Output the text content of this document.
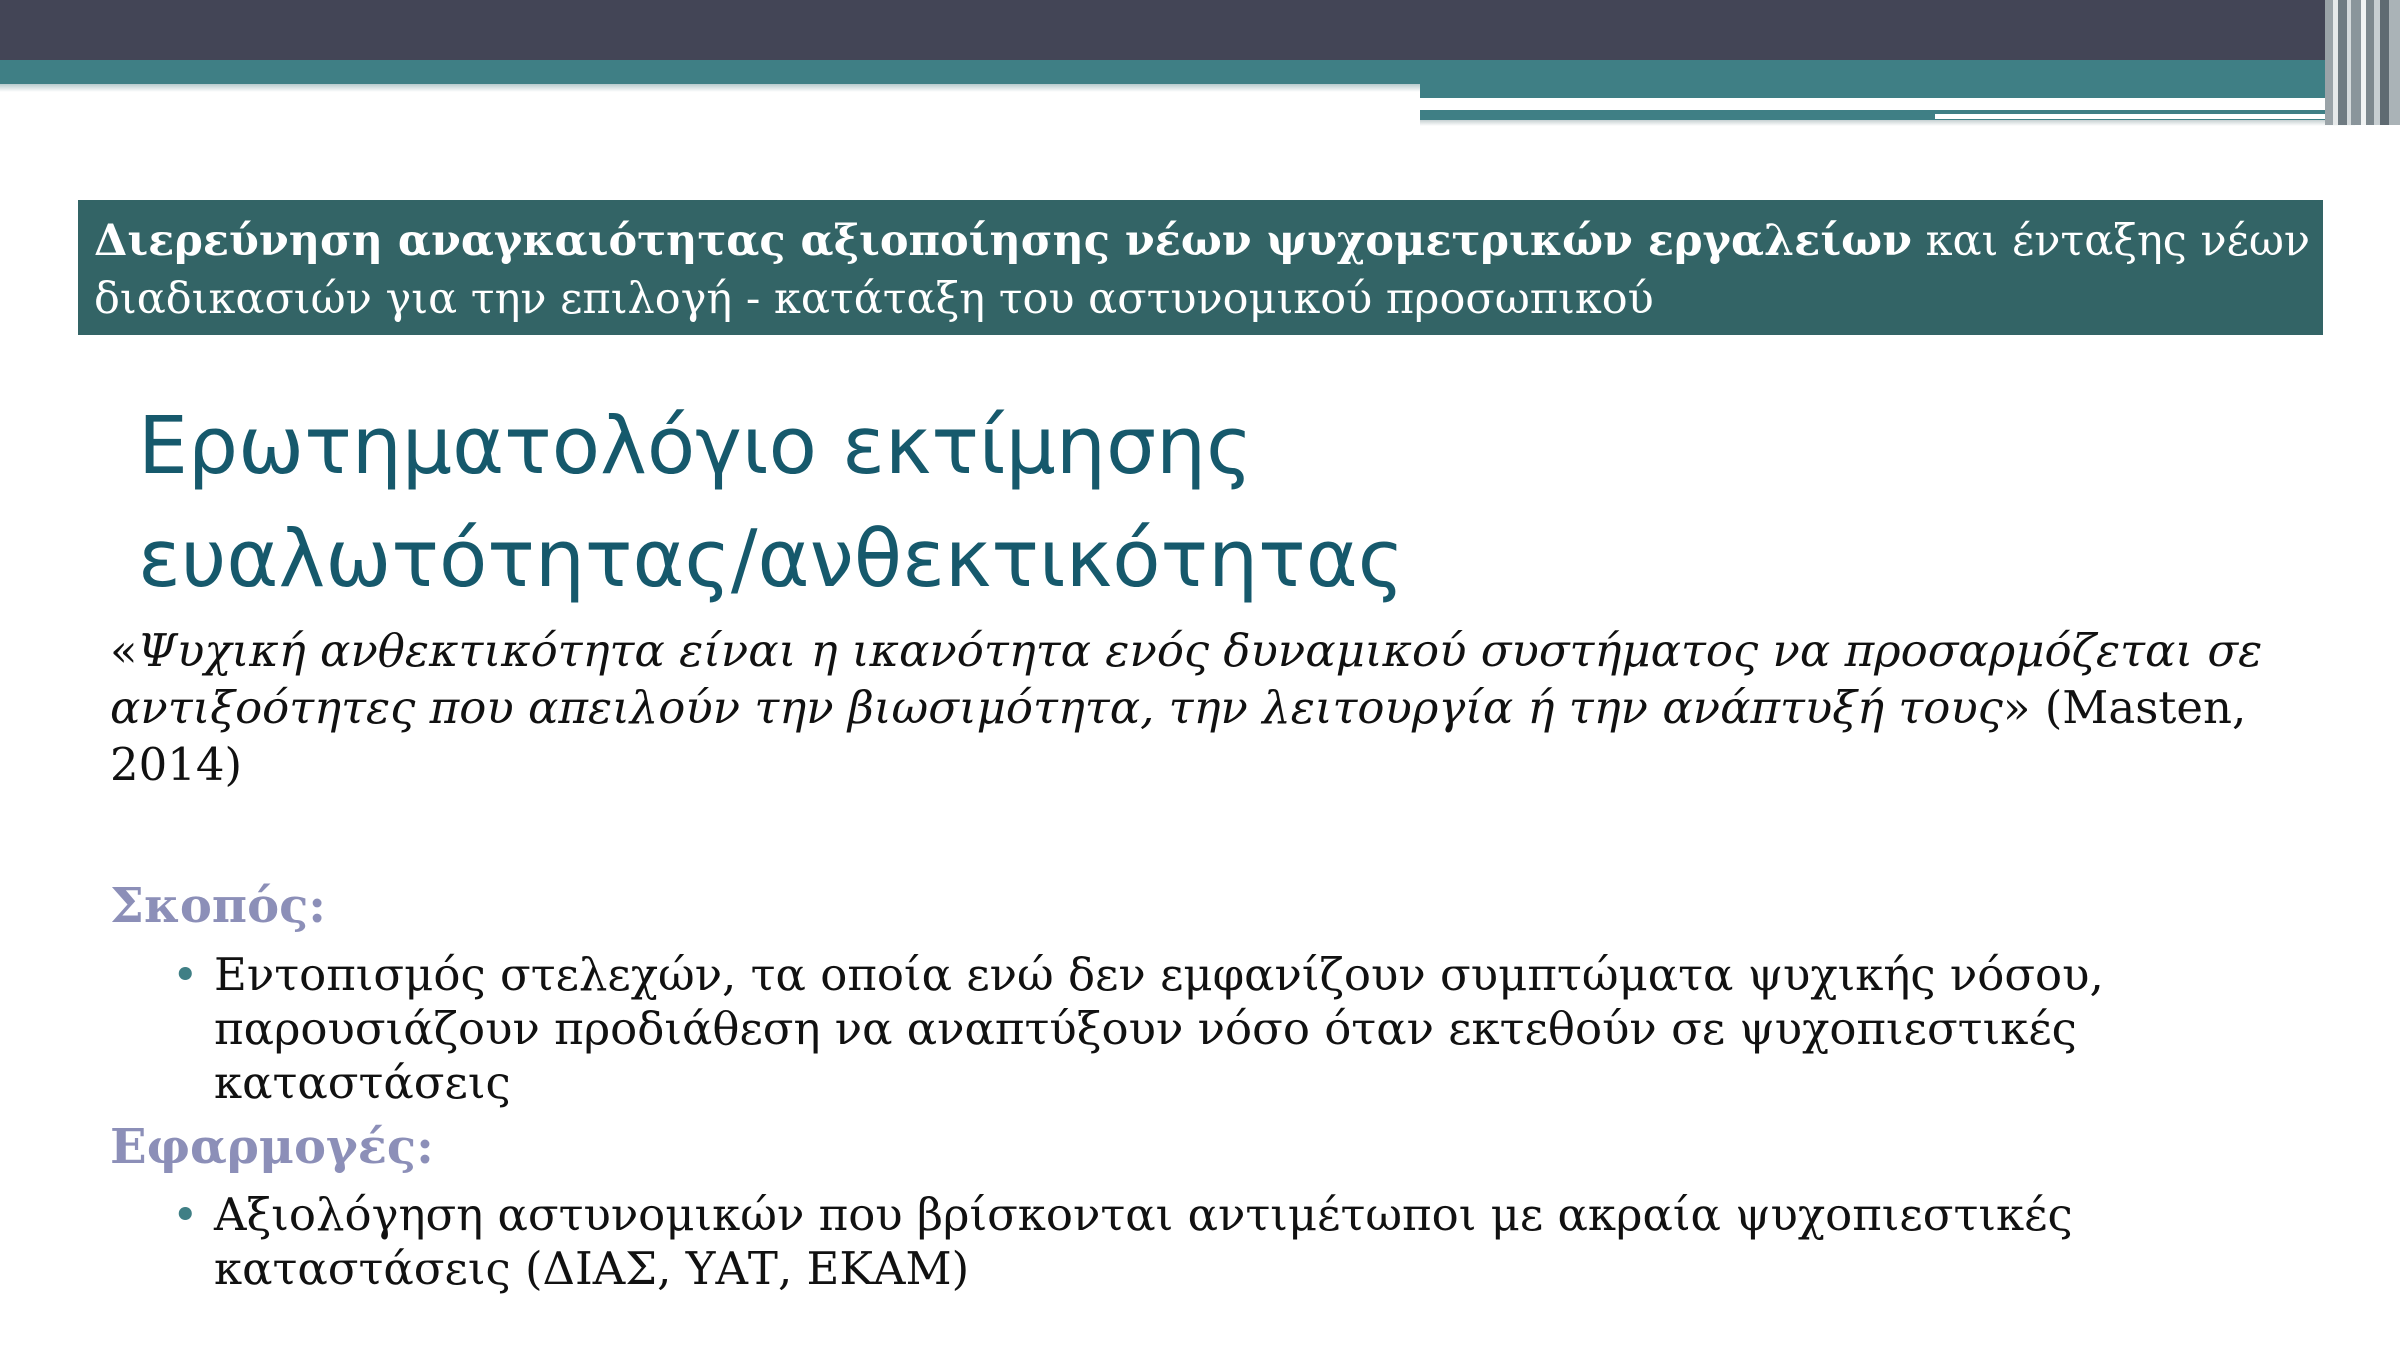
Διερεύνηση αναγκαιότητας αξιοποίησης νέων ψυχομετρικών εργαλείων και ένταξης νέων
διαδικασιών για την επιλογή - κατάταξη του αστυνομικού προσωπικού
Ερωτηματολόγιο εκτίμησης
ευαλωτότητας/ανθεκτικότητας

«Ψυχική ανθεκτικότητα είναι η ικανότητα ενός δυναμικού συστήματος να προσαρμόζεται σε
αντιξοότητες που απειλούν την βιωσιμότητα, την λειτουργία ή την ανάπτυξή τους» (Masten,
2014)

Σκοπός:
• Εντοπισμός στελεχών, τα οποία ενώ δεν εμφανίζουν συμπτώματα ψυχικής νόσου,
παρουσιάζουν προδιάθεση να αναπτύξουν νόσο όταν εκτεθούν σε ψυχοπιεστικές
καταστάσεις
Εφαρμογές:
• Αξιολόγηση αστυνομικών που βρίσκονται αντιμέτωποι με ακραία ψυχοπιεστικές
καταστάσεις (ΔΙΑΣ, ΥΑΤ, ΕΚΑΜ)
